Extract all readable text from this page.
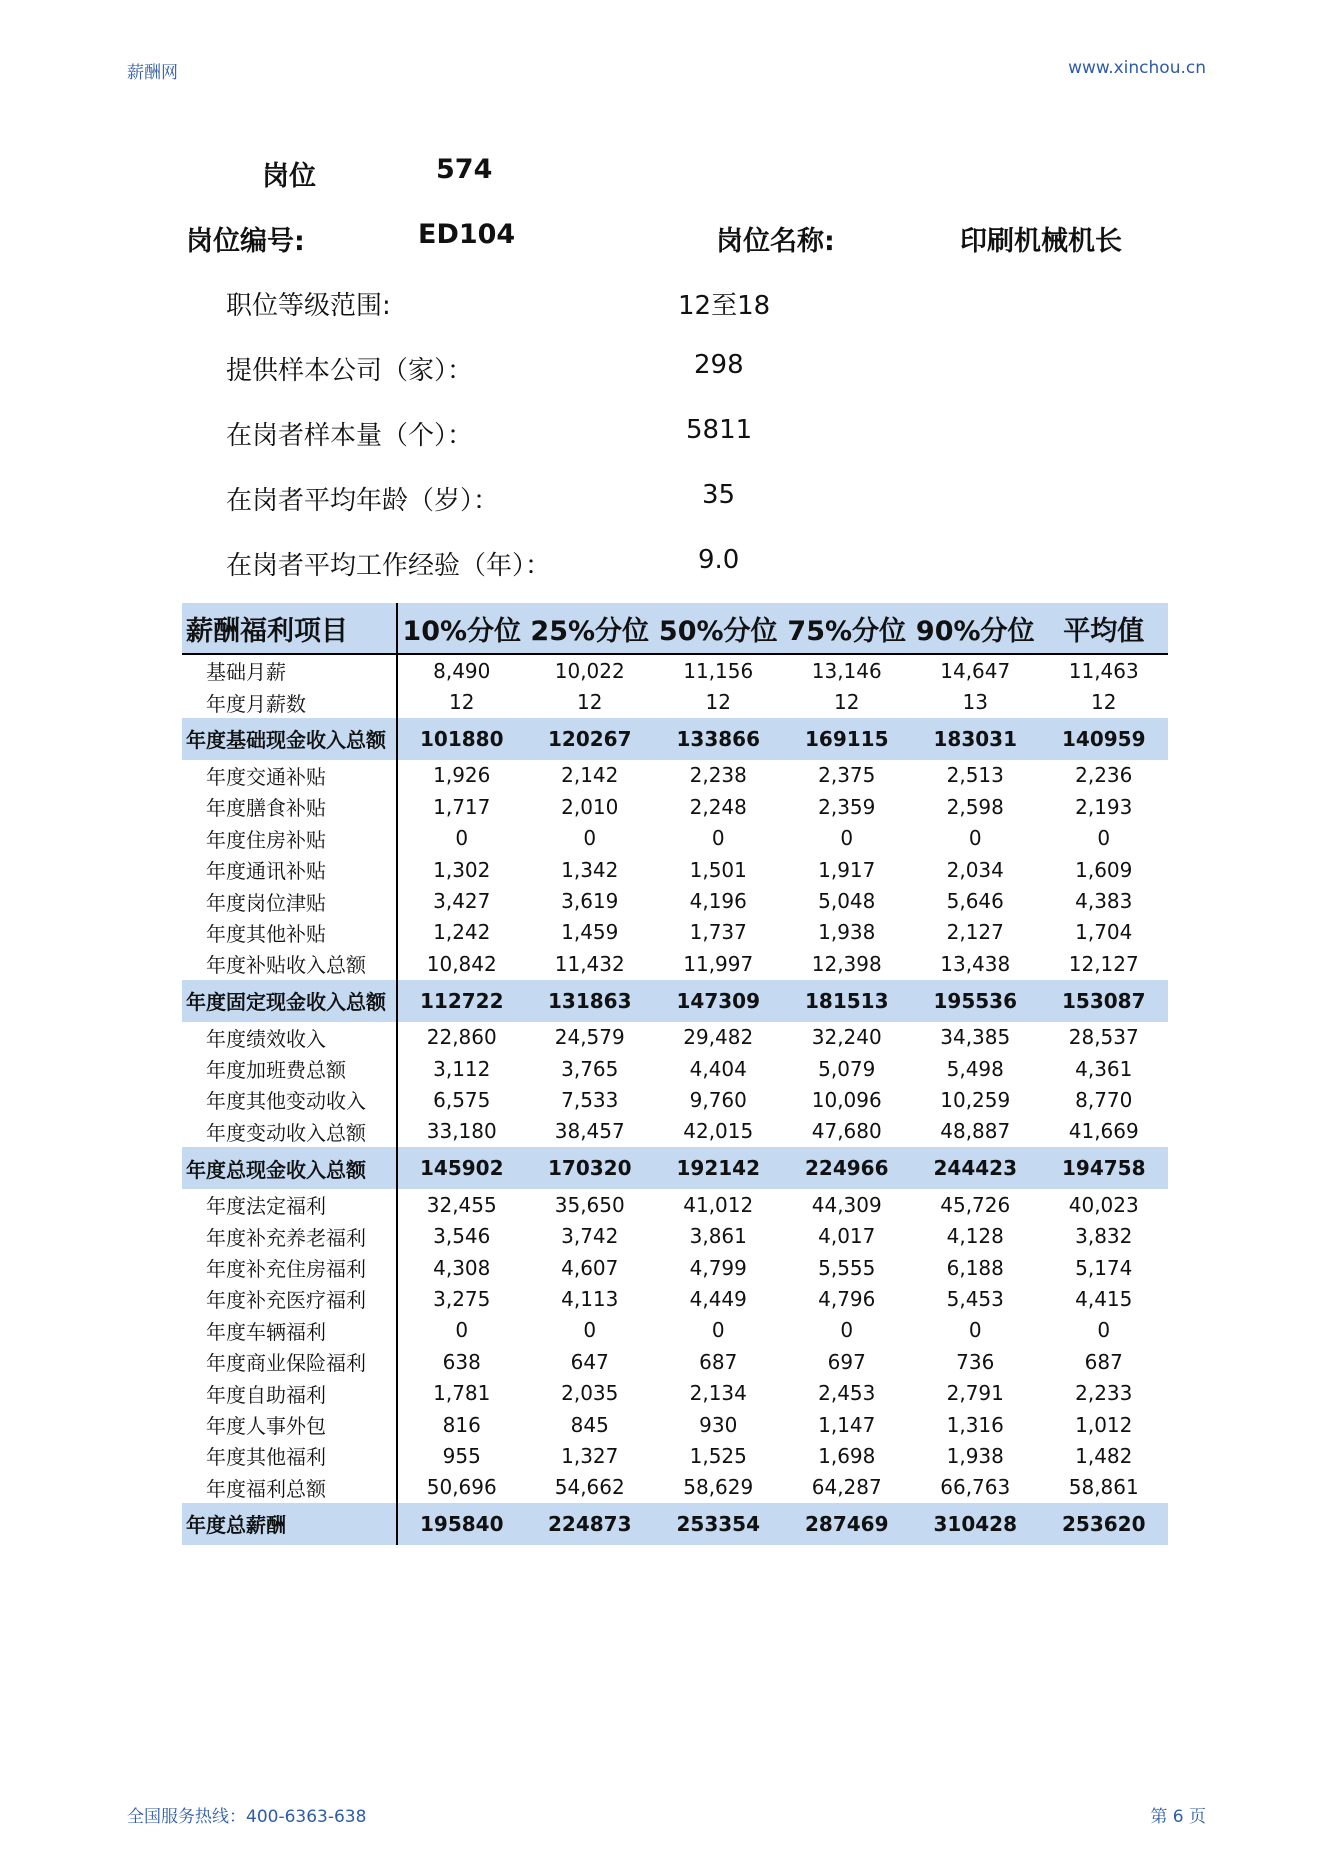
薪酬网	www.xinchou.cn
岗位	574
岗位编号:	ED104	岗位名称:	印刷机械机长
职位等级范围:	12至18
提供样本公司（家）：	298
在岗者样本量（个）：	5811
在岗者平均年龄（岁）：	35
在岗者平均工作经验（年）：	9.0
薪酬福利项目	10%分位	25%分位	50%分位	75%分位	90%分位	平均值
基础月薪	8,490	10,022	11,156	13,146	14,647	11,463
年度月薪数	12	12	12	12	13	12
年度基础现金收入总额	101880	120267	133866	169115	183031	140959
年度交通补贴	1,926	2,142	2,238	2,375	2,513	2,236
年度膳食补贴	1,717	2,010	2,248	2,359	2,598	2,193
年度住房补贴	0	0	0	0	0	0
年度通讯补贴	1,302	1,342	1,501	1,917	2,034	1,609
年度岗位津贴	3,427	3,619	4,196	5,048	5,646	4,383
年度其他补贴	1,242	1,459	1,737	1,938	2,127	1,704
年度补贴收入总额	10,842	11,432	11,997	12,398	13,438	12,127
年度固定现金收入总额	112722	131863	147309	181513	195536	153087
年度绩效收入	22,860	24,579	29,482	32,240	34,385	28,537
年度加班费总额	3,112	3,765	4,404	5,079	5,498	4,361
年度其他变动收入	6,575	7,533	9,760	10,096	10,259	8,770
年度变动收入总额	33,180	38,457	42,015	47,680	48,887	41,669
年度总现金收入总额	145902	170320	192142	224966	244423	194758
年度法定福利	32,455	35,650	41,012	44,309	45,726	40,023
年度补充养老福利	3,546	3,742	3,861	4,017	4,128	3,832
年度补充住房福利	4,308	4,607	4,799	5,555	6,188	5,174
年度补充医疗福利	3,275	4,113	4,449	4,796	5,453	4,415
年度车辆福利	0	0	0	0	0	0
年度商业保险福利	638	647	687	697	736	687
年度自助福利	1,781	2,035	2,134	2,453	2,791	2,233
年度人事外包	816	845	930	1,147	1,316	1,012
年度其他福利	955	1,327	1,525	1,698	1,938	1,482
年度福利总额	50,696	54,662	58,629	64,287	66,763	58,861
年度总薪酬	195840	224873	253354	287469	310428	253620
全国服务热线：400-6363-638	第 6 页
